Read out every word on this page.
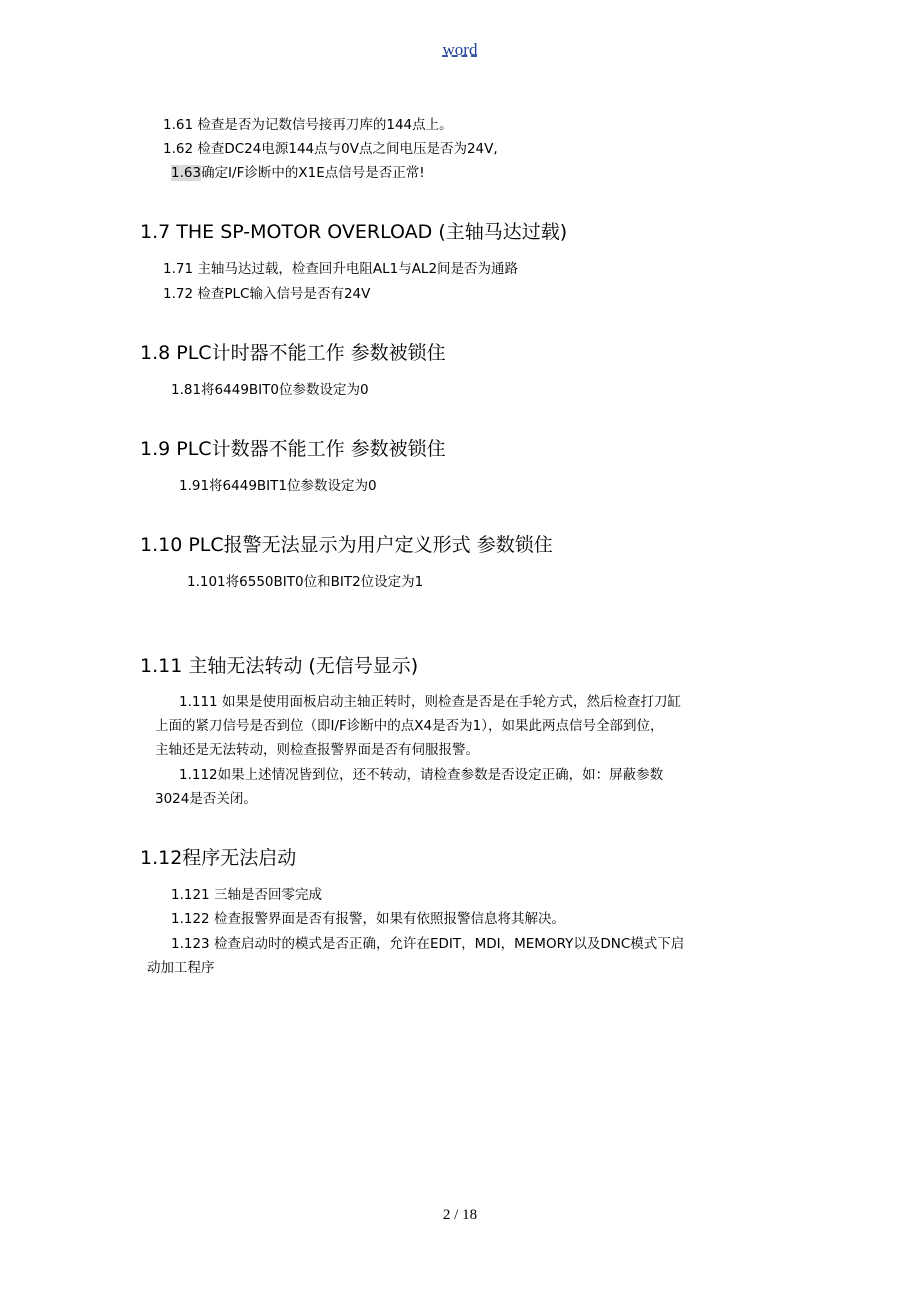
word
1.61 检查是否为记数信号接再刀库的144点上。
1.62 检查DC24电源144点与0V点之间电压是否为24V,
1.63确定I/F诊断中的X1E点信号是否正常!
1.7 THE SP-MOTOR OVERLOAD (主轴马达过载)
1.71 主轴马达过载，检查回升电阻AL1与AL2间是否为通路
1.72 检查PLC输入信号是否有24V
1.8 PLC计时器不能工作 参数被锁住
1.81将6449BIT0位参数设定为0
1.9 PLC计数器不能工作 参数被锁住
1.91将6449BIT1位参数设定为0
1.10 PLC报警无法显示为用户定义形式 参数锁住
1.101将6550BIT0位和BIT2位设定为1
1.11 主轴无法转动 (无信号显示)
1.111 如果是使用面板启动主轴正转时，则检查是否是在手轮方式，然后检查打刀缸
上面的紧刀信号是否到位（即I/F诊断中的点X4是否为1），如果此两点信号全部到位，
主轴还是无法转动，则检查报警界面是否有伺服报警。
1.112如果上述情况皆到位，还不转动，请检查参数是否设定正确，如：屏蔽参数
3024是否关闭。
1.12程序无法启动
1.121 三轴是否回零完成
1.122 检查报警界面是否有报警，如果有依照报警信息将其解决。
1.123 检查启动时的模式是否正确，允许在EDIT，MDI，MEMORY以及DNC模式下启
动加工程序
2 / 18
